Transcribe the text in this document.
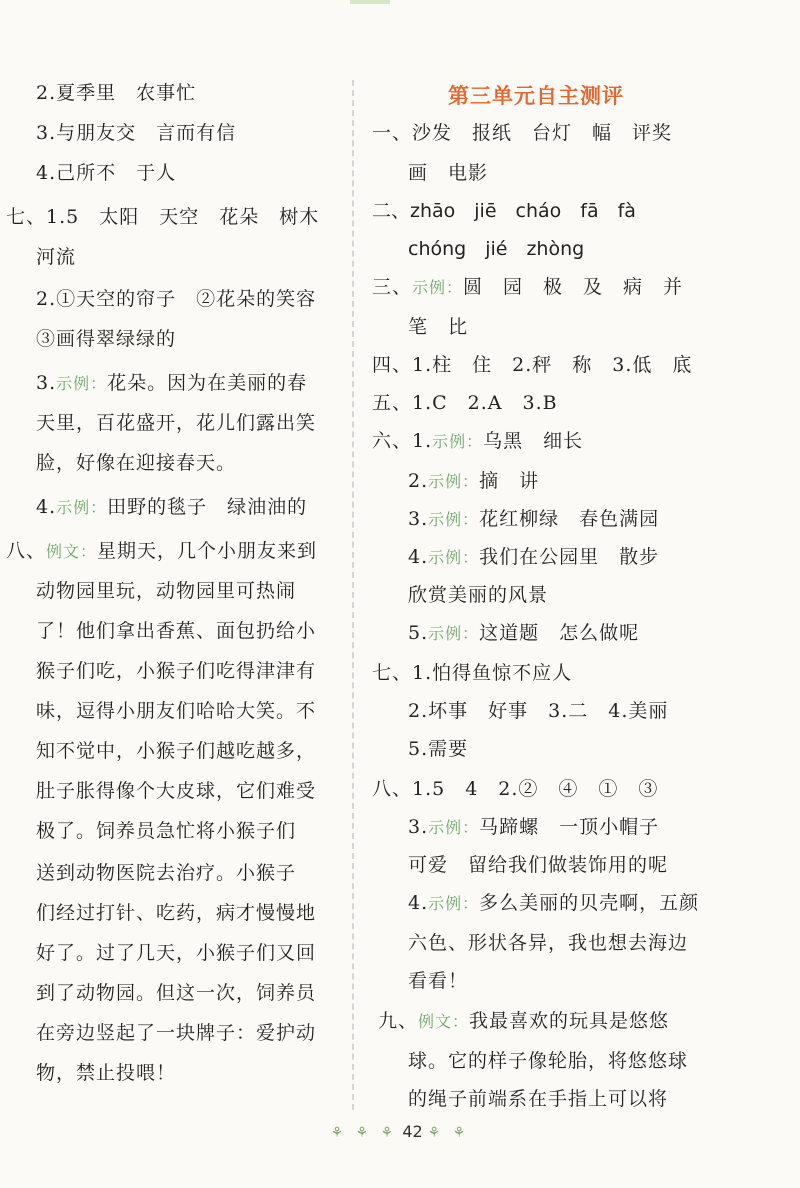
2.夏季里　农事忙
3.与朋友交　言而有信
4.己所不　于人
七、1.5　太阳　天空　花朵　树木
河流
2.①天空的帘子　②花朵的笑容
③画得翠绿绿的
3.示例：花朵。因为在美丽的春
天里，百花盛开，花儿们露出笑
脸，好像在迎接春天。
4.示例：田野的毯子　绿油油的
八、例文：星期天，几个小朋友来到
动物园里玩，动物园里可热闹
了！他们拿出香蕉、面包扔给小
猴子们吃，小猴子们吃得津津有
味，逗得小朋友们哈哈大笑。不
知不觉中，小猴子们越吃越多，
肚子胀得像个大皮球，它们难受
极了。饲养员急忙将小猴子们
送到动物医院去治疗。小猴子
们经过打针、吃药，病才慢慢地
好了。过了几天，小猴子们又回
到了动物园。但这一次，饲养员
在旁边竖起了一块牌子：爱护动
物，禁止投喂！
第三单元自主测评
一、沙发　报纸　台灯　幅　评奖
画　电影
二、zhāo　jiē　cháo　fā　fà
chóng　jié　zhòng
三、示例：圆　园　极　及　病　并
笔　比
四、1.柱　住　2.秤　称　3.低　底
五、1.C　2.A　3.B
六、1.示例：乌黑　细长
2.示例：摘　讲
3.示例：花红柳绿　春色满园
4.示例：我们在公园里　散步
欣赏美丽的风景
5.示例：这道题　怎么做呢
七、1.怕得鱼惊不应人
2.坏事　好事　3.二　4.美丽
5.需要
八、1.5　4　2.②　④　①　③
3.示例：马蹄螺　一顶小帽子
可爱　留给我们做装饰用的呢
4.示例：多么美丽的贝壳啊，五颜
六色、形状各异，我也想去海边
看看！
九、例文：我最喜欢的玩具是悠悠
球。它的样子像轮胎，将悠悠球
的绳子前端系在手指上可以将
⚘ ⚘ ⚘ 42 ⚘ ⚘
